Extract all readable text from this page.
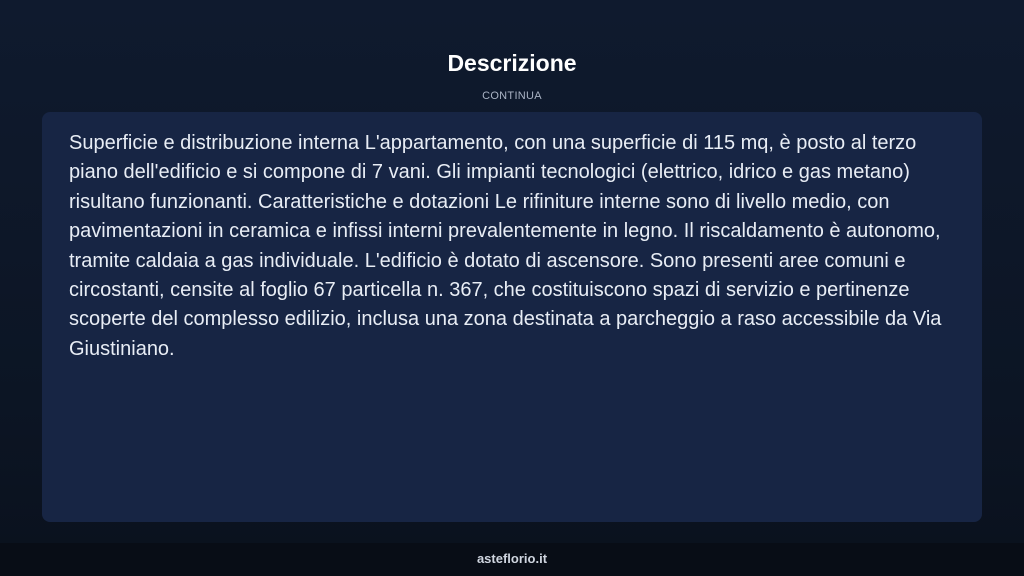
Descrizione
CONTINUA

Superficie e distribuzione interna L'appartamento, con una superficie di 115 mq, è posto al terzo piano dell'edificio e si compone di 7 vani. Gli impianti tecnologici (elettrico, idrico e gas metano) risultano funzionanti. Caratteristiche e dotazioni Le rifiniture interne sono di livello medio, con pavimentazioni in ceramica e infissi interni prevalentemente in legno. Il riscaldamento è autonomo, tramite caldaia a gas individuale. L'edificio è dotato di ascensore. Sono presenti aree comuni e circostanti, censite al foglio 67 particella n. 367, che costituiscono spazi di servizio e pertinenze scoperte del complesso edilizio, inclusa una zona destinata a parcheggio a raso accessibile da Via Giustiniano.

asteflorio.it
